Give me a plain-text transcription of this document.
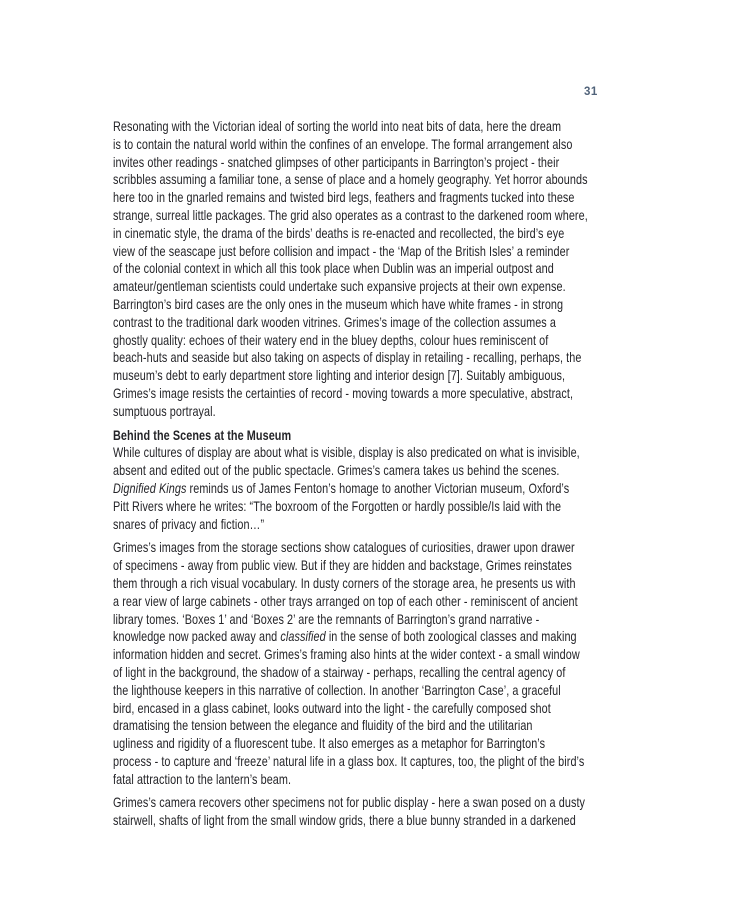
31
Resonating with the Victorian ideal of sorting the world into neat bits of data, here the dream
is to contain the natural world within the confines of an envelope. The formal arrangement also
invites other readings - snatched glimpses of other participants in Barrington’s project - their
scribbles assuming a familiar tone, a sense of place and a homely geography. Yet horror abounds
here too in the gnarled remains and twisted bird legs, feathers and fragments tucked into these
strange, surreal little packages. The grid also operates as a contrast to the darkened room where,
in cinematic style, the drama of the birds’ deaths is re-enacted and recollected, the bird’s eye
view of the seascape just before collision and impact - the ‘Map of the British Isles’ a reminder
of the colonial context in which all this took place when Dublin was an imperial outpost and
amateur/gentleman scientists could undertake such expansive projects at their own expense.
Barrington’s bird cases are the only ones in the museum which have white frames - in strong
contrast to the traditional dark wooden vitrines. Grimes’s image of the collection assumes a
ghostly quality: echoes of their watery end in the bluey depths, colour hues reminiscent of
beach-huts and seaside but also taking on aspects of display in retailing - recalling, perhaps, the
museum’s debt to early department store lighting and interior design [7]. Suitably ambiguous,
Grimes’s image resists the certainties of record - moving towards a more speculative, abstract,
sumptuous portrayal.
Behind the Scenes at the Museum
While cultures of display are about what is visible, display is also predicated on what is invisible,
absent and edited out of the public spectacle. Grimes’s camera takes us behind the scenes.
Dignified Kings reminds us of James Fenton’s homage to another Victorian museum, Oxford’s
Pitt Rivers where he writes: “The boxroom of the Forgotten or hardly possible/Is laid with the
snares of privacy and fiction…”
Grimes’s images from the storage sections show catalogues of curiosities, drawer upon drawer
of specimens - away from public view. But if they are hidden and backstage, Grimes reinstates
them through a rich visual vocabulary. In dusty corners of the storage area, he presents us with
a rear view of large cabinets - other trays arranged on top of each other - reminiscent of ancient
library tomes. ‘Boxes 1’ and ‘Boxes 2’ are the remnants of Barrington’s grand narrative -
knowledge now packed away and classified in the sense of both zoological classes and making
information hidden and secret. Grimes’s framing also hints at the wider context - a small window
of light in the background, the shadow of a stairway - perhaps, recalling the central agency of
the lighthouse keepers in this narrative of collection. In another ‘Barrington Case’, a graceful
bird, encased in a glass cabinet, looks outward into the light - the carefully composed shot
dramatising the tension between the elegance and fluidity of the bird and the utilitarian
ugliness and rigidity of a fluorescent tube. It also emerges as a metaphor for Barrington’s
process - to capture and ‘freeze’ natural life in a glass box. It captures, too, the plight of the bird’s
fatal attraction to the lantern’s beam.
Grimes’s camera recovers other specimens not for public display - here a swan posed on a dusty
stairwell, shafts of light from the small window grids, there a blue bunny stranded in a darkened
